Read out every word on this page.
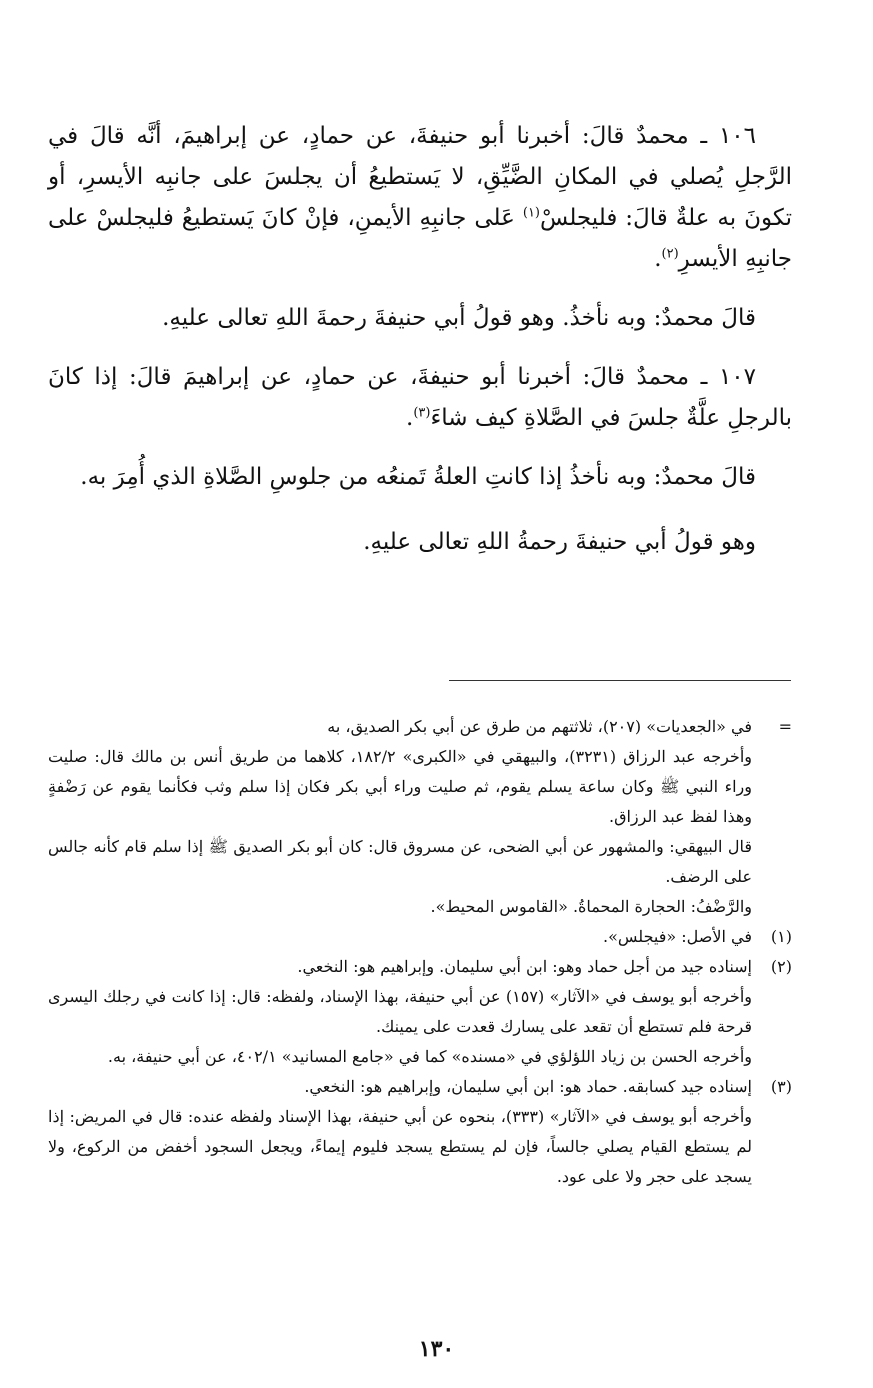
١٠٦ ـ محمدٌ قالَ: أخبرنا أبو حنيفةَ، عن حمادٍ، عن إبراهيمَ، أنَّه قالَ في الرَّجلِ يُصلي في المكانِ الضَّيِّقِ، لا يَستطيعُ أن يجلسَ على جانبِه الأيسرِ، أو تكونَ به علةٌ قالَ: فليجلسْ$^{(١)}$ عَلى جانبِهِ الأيمنِ، فإنْ كانَ يَستطيعُ فليجلسْ على جانبِهِ الأيسرِ$^{(٢)}$.

قالَ محمدٌ: وبه نأخذُ. وهو قولُ أبي حنيفةَ رحمةَ اللهِ تعالى عليهِ.

١٠٧ ـ محمدٌ قالَ: أخبرنا أبو حنيفةَ، عن حمادٍ، عن إبراهيمَ قالَ: إذا كانَ بالرجلِ علَّةٌ جلسَ في الصَّلاةِ كيف شاءَ$^{(٣)}$.

قالَ محمدٌ: وبه نأخذُ إذا كانتِ العلةُ تَمنعُه من جلوسِ الصَّلاةِ الذي أُمِرَ به.

وهو قولُ أبي حنيفةَ رحمةُ اللهِ تعالى عليهِ.

=

في «الجعديات» (٢٠٧)، ثلاثتهم من طرق عن أبي بكر الصديق، به

وأخرجه عبد الرزاق (٣٢٣١)، والبيهقي في «الكبرى» ١٨٢/٢، كلاهما من طريق أنس بن مالك قال: صليت وراء النبي ﷺ وكان ساعة يسلم يقوم، ثم صليت وراء أبي بكر فكان إذا سلم وثب فكأنما يقوم عن رَضْفةٍ وهذا لفظ عبد الرزاق.

قال البيهقي: والمشهور عن أبي الضحى، عن مسروق قال: كان أبو بكر الصديق ﷺ إذا سلم قام كأنه جالس على الرضف.

والرَّضْفُ: الحجارة المحماةُ. «القاموس المحيط».

(١)

في الأصل: «فيجلس».

(٢)

إسناده جيد من أجل حماد وهو: ابن أبي سليمان. وإبراهيم هو: النخعي.

وأخرجه أبو يوسف في «الآثار» (١٥٧) عن أبي حنيفة، بهذا الإسناد، ولفظه: قال: إذا كانت في رجلك اليسرى قرحة فلم تستطع أن تقعد على يسارك قعدت على يمينك.

وأخرجه الحسن بن زياد اللؤلؤي في «مسنده» كما في «جامع المسانيد» ٤٠٢/١، عن أبي حنيفة، به.

(٣)

إسناده جيد كسابقه. حماد هو: ابن أبي سليمان، وإبراهيم هو: النخعي.

وأخرجه أبو يوسف في «الآثار» (٣٣٣)، بنحوه عن أبي حنيفة، بهذا الإسناد ولفظه عنده: قال في المريض: إذا لم يستطع القيام يصلي جالساً، فإن لم يستطع يسجد فليوم إيماءً، ويجعل السجود أخفض من الركوع، ولا يسجد على حجر ولا على عود.

١٣٠
